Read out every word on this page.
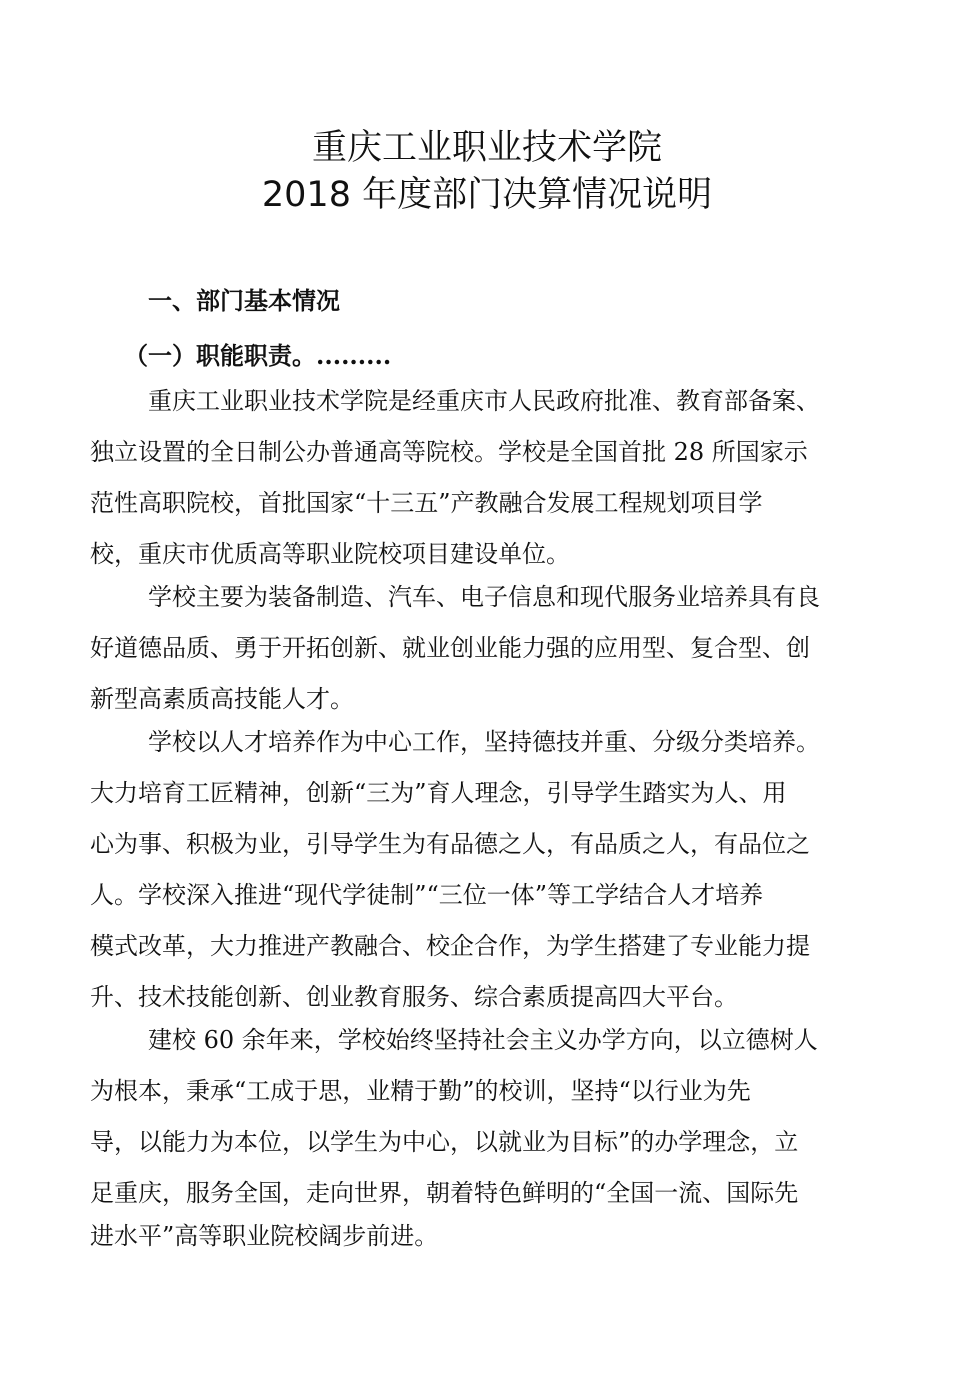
重庆工业职业技术学院
2018 年度部门决算情况说明
一、部门基本情况
（一）职能职责。.........
重庆工业职业技术学院是经重庆市人民政府批准、教育部备案、
独立设置的全日制公办普通高等院校。学校是全国首批 28 所国家示
范性高职院校，首批国家“十三五”产教融合发展工程规划项目学
校，重庆市优质高等职业院校项目建设单位。
学校主要为装备制造、汽车、电子信息和现代服务业培养具有良
好道德品质、勇于开拓创新、就业创业能力强的应用型、复合型、创
新型高素质高技能人才。
学校以人才培养作为中心工作，坚持德技并重、分级分类培养。
大力培育工匠精神，创新“三为”育人理念，引导学生踏实为人、用
心为事、积极为业，引导学生为有品德之人，有品质之人，有品位之
人。学校深入推进“现代学徒制”“三位一体”等工学结合人才培养
模式改革，大力推进产教融合、校企合作，为学生搭建了专业能力提
升、技术技能创新、创业教育服务、综合素质提高四大平台。
建校 60 余年来，学校始终坚持社会主义办学方向，以立德树人
为根本，秉承“工成于思，业精于勤”的校训，坚持“以行业为先
导，以能力为本位，以学生为中心，以就业为目标”的办学理念，立
足重庆，服务全国，走向世界，朝着特色鲜明的“全国一流、国际先
进水平”高等职业院校阔步前进。
